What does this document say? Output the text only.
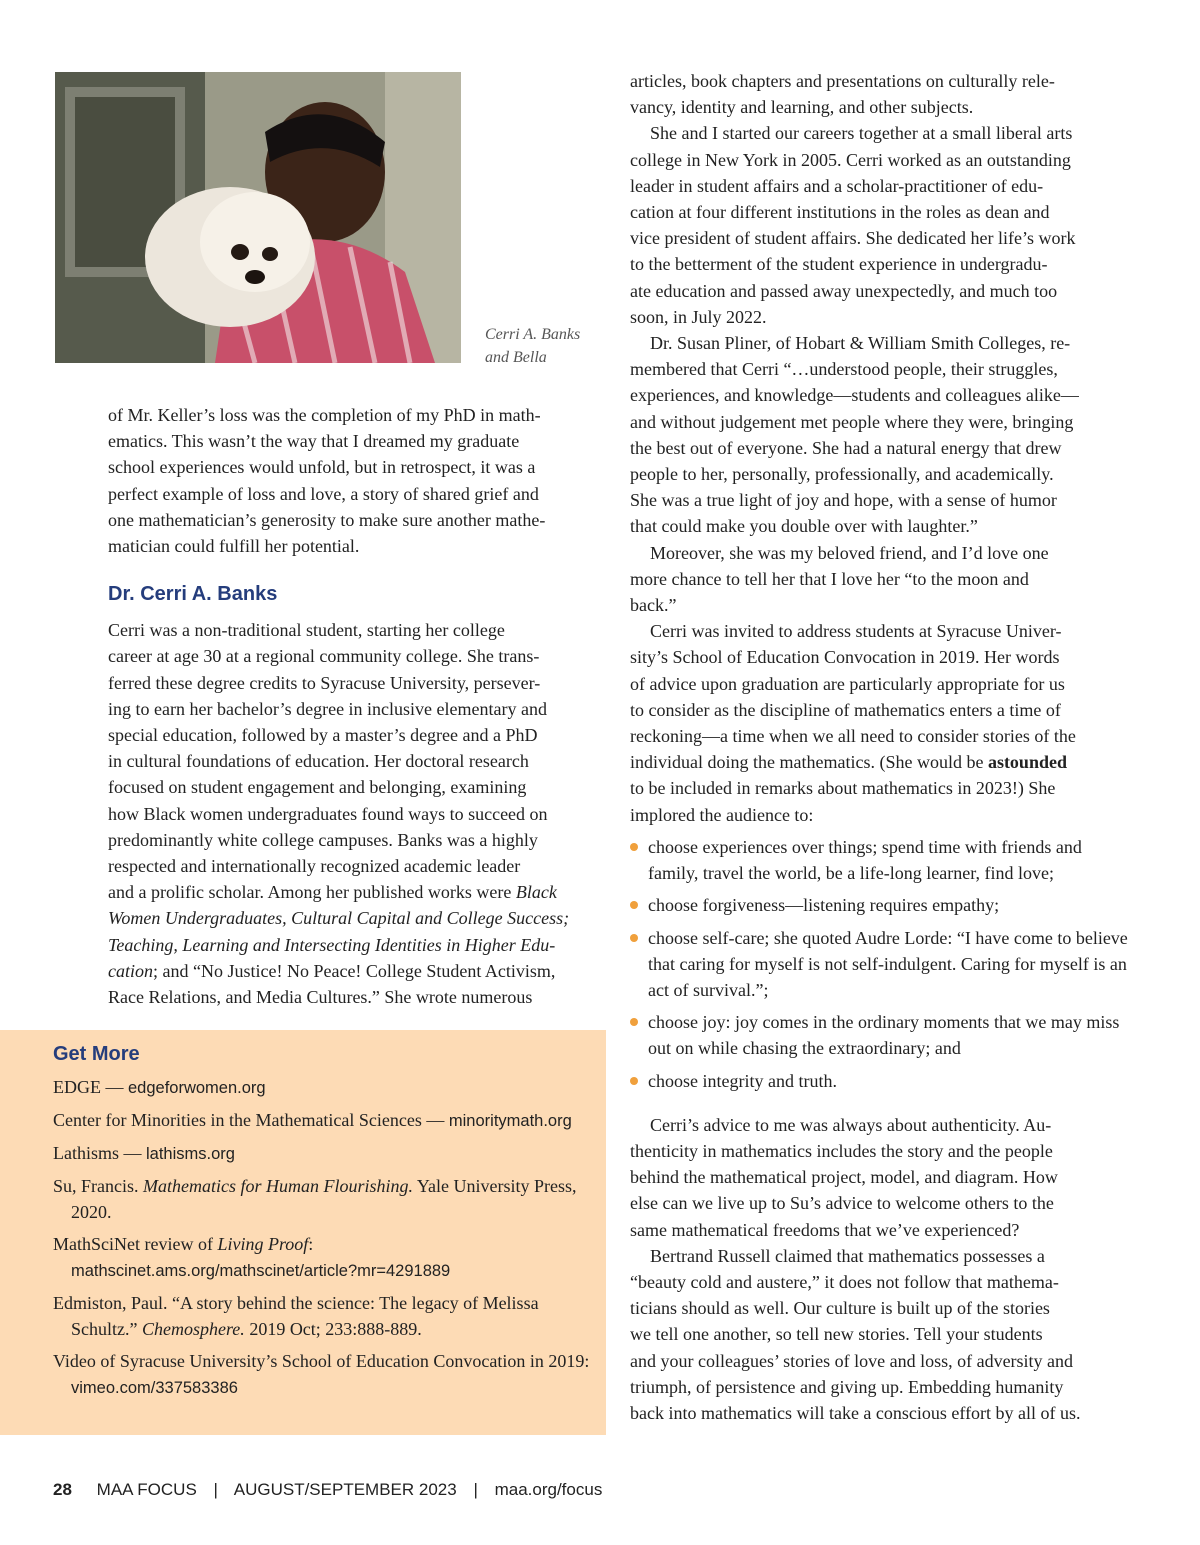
Cerri A. Banks
and Bella

of Mr. Keller’s loss was the completion of my PhD in math-
ematics. This wasn’t the way that I dreamed my graduate
school experiences would unfold, but in retrospect, it was a
perfect example of loss and love, a story of shared grief and
one mathematician’s generosity to make sure another mathe-
matician could fulfill her potential.

Dr. Cerri A. Banks

Cerri was a non-traditional student, starting her college
career at age 30 at a regional community college. She trans-
ferred these degree credits to Syracuse University, persever-
ing to earn her bachelor’s degree in inclusive elementary and
special education, followed by a master’s degree and a PhD
in cultural foundations of education. Her doctoral research
focused on student engagement and belonging, examining
how Black women undergraduates found ways to succeed on
predominantly white college campuses. Banks was a highly
respected and internationally recognized academic leader
and a prolific scholar. Among her published works were Black
Women Undergraduates, Cultural Capital and College Success;
Teaching, Learning and Intersecting Identities in Higher Edu-
cation; and “No Justice! No Peace! College Student Activism,
Race Relations, and Media Cultures.” She wrote numerous

Get More
EDGE — edgeforwomen.org
Center for Minorities in the Mathematical Sciences — minoritymath.org
Lathisms — lathisms.org
Su, Francis. Mathematics for Human Flourishing. Yale University Press, 2020.
MathSciNet review of Living Proof: mathscinet.ams.org/mathscinet/article?mr=4291889
Edmiston, Paul. “A story behind the science: The legacy of Melissa Schultz.” Chemosphere. 2019 Oct; 233:888-889.
Video of Syracuse University’s School of Education Convocation in 2019: vimeo.com/337583386

articles, book chapters and presentations on culturally rele-
vancy, identity and learning, and other subjects.

She and I started our careers together at a small liberal arts
college in New York in 2005. Cerri worked as an outstanding
leader in student affairs and a scholar-practitioner of edu-
cation at four different institutions in the roles as dean and
vice president of student affairs. She dedicated her life’s work
to the betterment of the student experience in undergradu-
ate education and passed away unexpectedly, and much too
soon, in July 2022.

Dr. Susan Pliner, of Hobart & William Smith Colleges, re-
membered that Cerri “…understood people, their struggles,
experiences, and knowledge—students and colleagues alike—
and without judgement met people where they were, bringing
the best out of everyone. She had a natural energy that drew
people to her, personally, professionally, and academically.
She was a true light of joy and hope, with a sense of humor
that could make you double over with laughter.”

Moreover, she was my beloved friend, and I’d love one
more chance to tell her that I love her “to the moon and
back.”

Cerri was invited to address students at Syracuse Univer-
sity’s School of Education Convocation in 2019. Her words
of advice upon graduation are particularly appropriate for us
to consider as the discipline of mathematics enters a time of
reckoning—a time when we all need to consider stories of the
individual doing the mathematics. (She would be astounded
to be included in remarks about mathematics in 2023!) She
implored the audience to:

choose experiences over things; spend time with friends and family, travel the world, be a life-long learner, find love;
choose forgiveness—listening requires empathy;
choose self-care; she quoted Audre Lorde: “I have come to believe that caring for myself is not self-indulgent. Caring for myself is an act of survival.”;
choose joy: joy comes in the ordinary moments that we may miss out on while chasing the extraordinary; and
choose integrity and truth.

Cerri’s advice to me was always about authenticity. Au-
thenticity in mathematics includes the story and the people
behind the mathematical project, model, and diagram. How
else can we live up to Su’s advice to welcome others to the
same mathematical freedoms that we’ve experienced?

Bertrand Russell claimed that mathematics possesses a
“beauty cold and austere,” it does not follow that mathema-
ticians should as well. Our culture is built up of the stories
we tell one another, so tell new stories. Tell your students
and your colleagues’ stories of love and loss, of adversity and
triumph, of persistence and giving up. Embedding humanity
back into mathematics will take a conscious effort by all of us.

28 MAA FOCUS | AUGUST/SEPTEMBER 2023 | maa.org/focus
